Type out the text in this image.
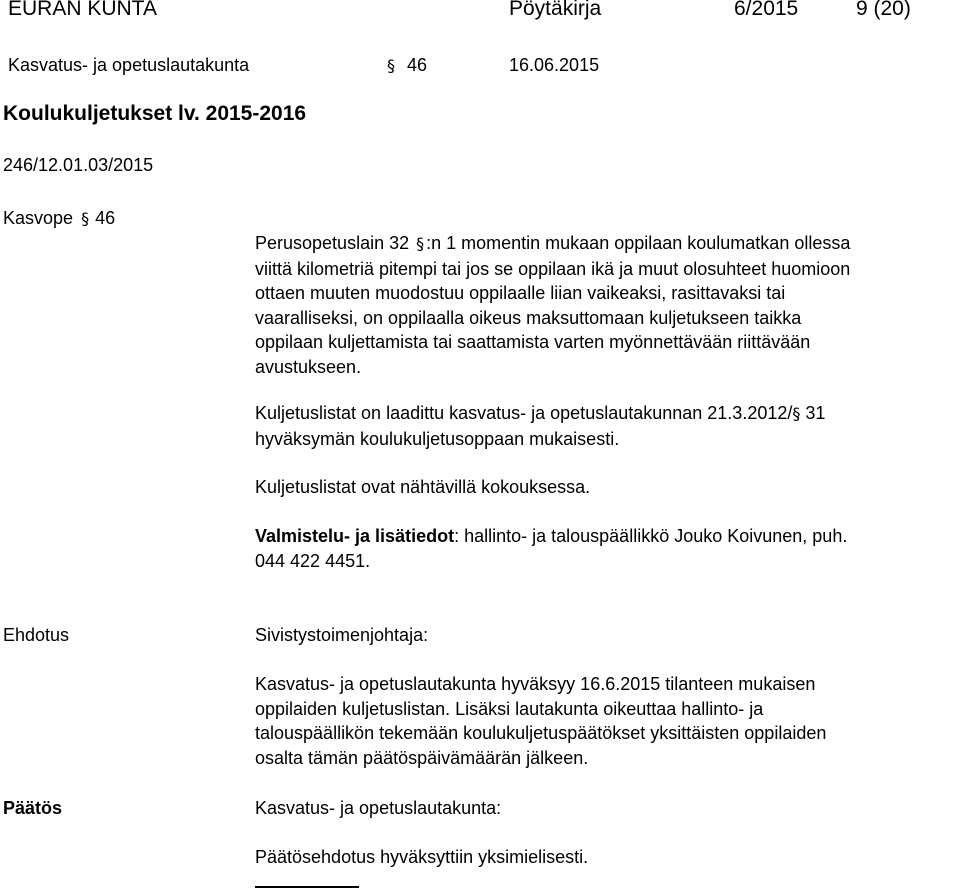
EURAN KUNTA	Pöytäkirja	6/2015	9 (20)
Kasvatus- ja opetuslautakunta	§ 46	16.06.2015
Koulukuljetukset lv. 2015-2016
246/12.01.03/2015
Kasvope § 46
Perusopetuslain 32 § :n 1 momentin mukaan oppilaan koulumatkan ollessa
viittä kilometriä pitempi tai jos se oppilaan ikä ja muut olosuhteet huomioon
ottaen muuten muodostuu oppilaalle liian vaikeaksi, rasittavaksi tai
vaaralliseksi, on oppilaalla oikeus maksuttomaan kuljetukseen taikka
oppilaan kuljettamista tai saattamista varten myönnettävään riittävään
avustukseen.
Kuljetuslistat on laadittu kasvatus- ja opetuslautakunnan 21.3.2012/§ 31
hyväksymän koulukuljetusoppaan mukaisesti.
Kuljetuslistat ovat nähtävillä kokouksessa.
Valmistelu- ja lisätiedot: hallinto- ja talouspäällikkö Jouko Koivunen, puh.
044 422 4451.
Ehdotus	Sivistystoimenjohtaja:
Kasvatus- ja opetuslautakunta hyväksyy 16.6.2015 tilanteen mukaisen
oppilaiden kuljetuslistan. Lisäksi lautakunta oikeuttaa hallinto- ja
talouspäällikön tekemään koulukuljetuspäätökset yksittäisten oppilaiden
osalta tämän päätöspäivämäärän jälkeen.
Päätös	Kasvatus- ja opetuslautakunta:
Päätösehdotus hyväksyttiin yksimielisesti.
